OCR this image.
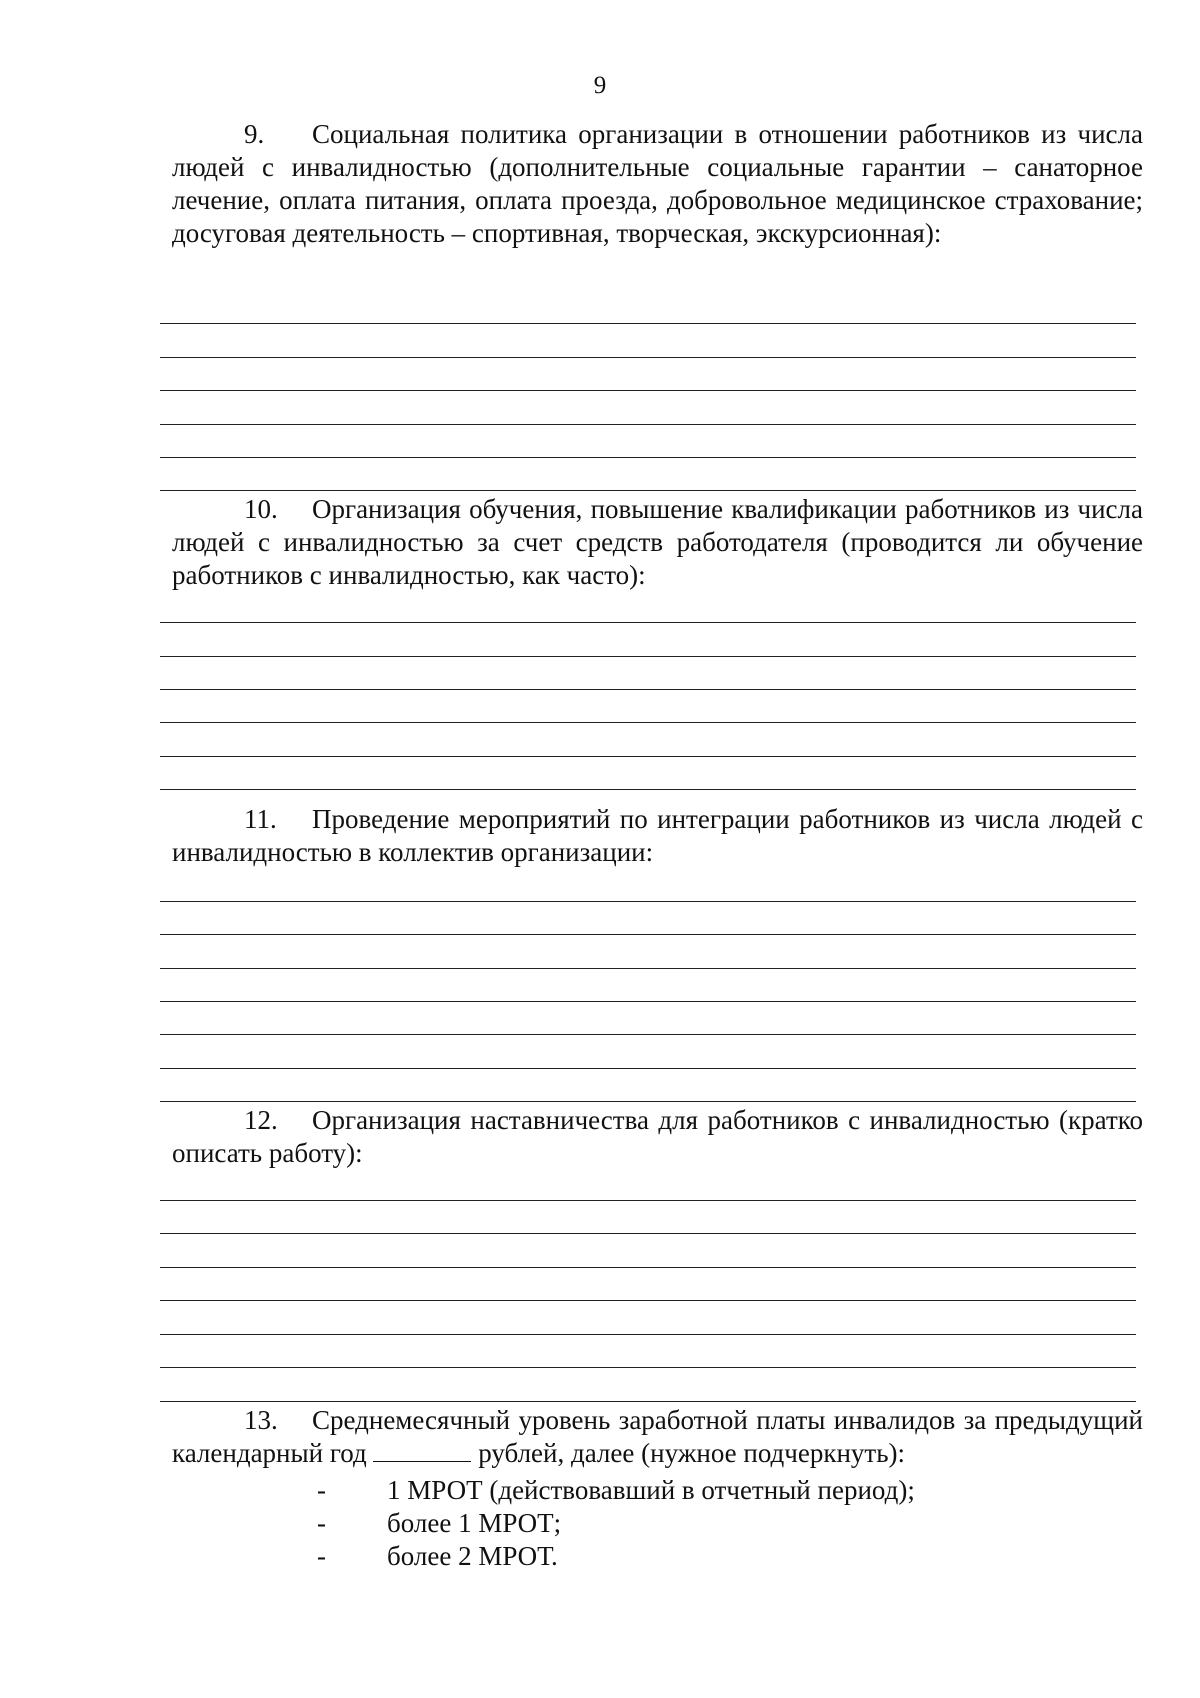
9

9. Социальная политика организации в отношении работников из числа людей с инвалидностью (дополнительные социальные гарантии – санаторное лечение, оплата питания, оплата проезда, добровольное медицинское страхование; досуговая деятельность – спортивная, творческая, экскурсионная):

10. Организация обучения, повышение квалификации работников из числа людей с инвалидностью за счет средств работодателя (проводится ли обучение работников с инвалидностью, как часто):

11. Проведение мероприятий по интеграции работников из числа людей с инвалидностью в коллектив организации:

12. Организация наставничества для работников с инвалидностью (кратко описать работу):

13. Среднемесячный уровень заработной платы инвалидов за предыдущий календарный год	рублей, далее (нужное подчеркнуть):

- 1 МРОТ (действовавший в отчетный период);
- более 1 МРОТ;
- более 2 МРОТ.
